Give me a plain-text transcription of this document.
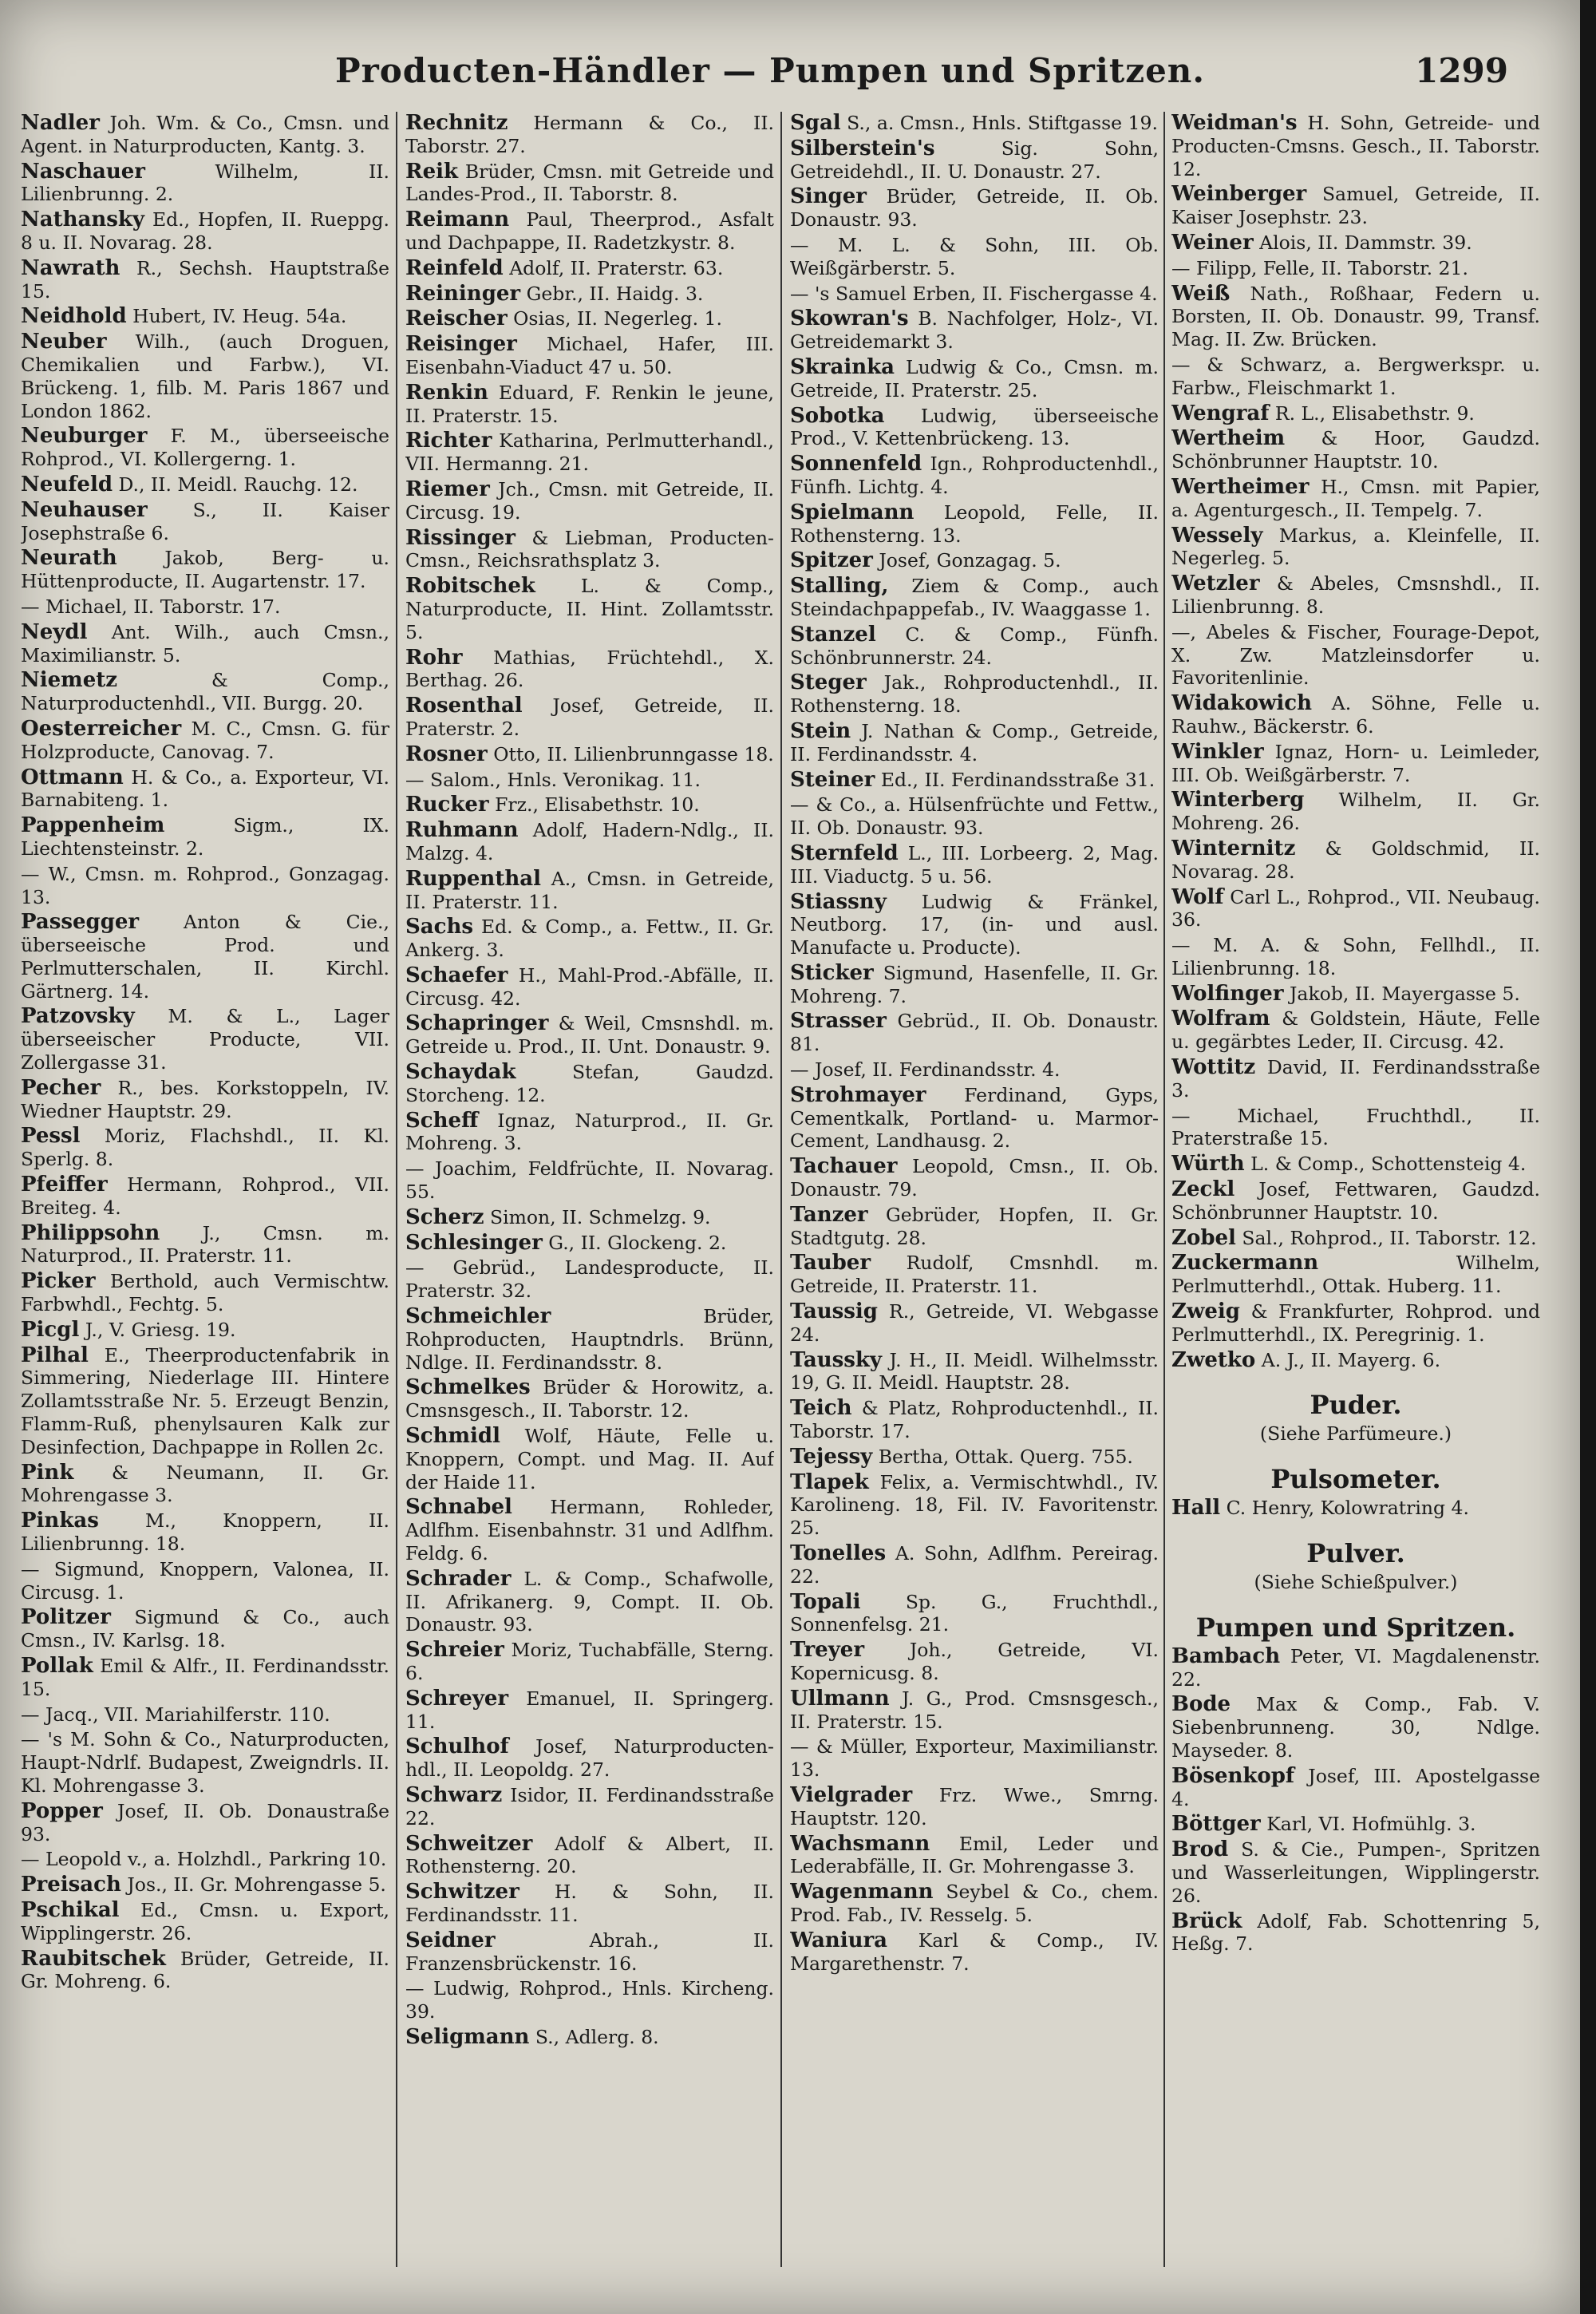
Producten-Händler — Pumpen und Spritzen.	1299
Nadler Joh. Wm. & Co., Cmsn. und Agent. in Naturproducten, Kantg. 3.
Naschauer	Wilhelm, II. Lilienbrunng. 2.
Nathansky Ed., Hopfen, II. Rueppg. 8 u. II. Novarag. 28.
Nawrath R., Sechsh. Hauptstraße 15.
Neidhold Hubert, IV. Heug. 54a.
Neuber Wilh., (auch Droguen, Chemikalien und Farbw.), VI. Brückeng. 1, filb. M. Paris 1867 und London 1862.
Neuburger F. M., überseeische Rohprod., VI. Kollergerng. 1.
Neufeld D., II. Meidl. Rauchg. 12.
Neuhauser S., II. Kaiser Josephstraße 6.
Neurath	Jakob, Berg- u. Hüttenproducte, II. Augartenstr. 17.
— Michael, II. Taborstr. 17.
Neydl Ant. Wilh., auch Cmsn., Maximilianstr. 5.
Niemetz	& Comp., Naturproductenhdl., VII. Burgg. 20.
Oesterreicher M. C., Cmsn. G. für Holzproducte, Canovag. 7.
Ottmann H. & Co., a. Exporteur, VI. Barnabiteng. 1.
Pappenheim	Sigm., IX. Liechtensteinstr. 2.
— W., Cmsn. m. Rohprod., Gonzagag. 13.
Passegger Anton & Cie., überseeische Prod. und Perlmutterschalen, II. Kirchl. Gärtnerg. 14.
Patzovsky M. & L., Lager überseeischer Producte, VII. Zollergasse 31.
Pecher R., bes. Korkstoppeln, IV. Wiedner Hauptstr. 29.
Pessl Moriz, Flachshdl., II. Kl. Sperlg. 8.
Pfeiffer Hermann, Rohprod., VII. Breiteg. 4.
Philippsohn J., Cmsn. m. Naturprod., II. Praterstr. 11.
Picker Berthold, auch Vermischtw. Farbwhdl., Fechtg. 5.
Picgl J., V. Griesg. 19.
Pilhal E., Theerproductenfabrik in Simmering, Niederlage III. Hintere Zollamtsstraße Nr. 5. Erzeugt Benzin, Flamm-Ruß, phenylsauren Kalk zur Desinfection, Dachpappe in Rollen 2c.
Pink & Neumann, II. Gr. Mohrengasse 3.
Pinkas M., Knoppern, II. Lilienbrunng. 18.
— Sigmund, Knoppern, Valonea, II. Circusg. 1.
Politzer Sigmund & Co., auch Cmsn., IV. Karlsg. 18.
Pollak Emil & Alfr., II. Ferdinandsstr. 15.
— Jacq., VII. Mariahilferstr. 110.
— 's M. Sohn & Co., Naturproducten, Haupt-Ndrlf. Budapest, Zweigndrls. II. Kl. Mohrengasse 3.
Popper Josef, II. Ob. Donaustraße 93.
— Leopold v., a. Holzhdl., Parkring 10.
Preisach Jos., II. Gr. Mohrengasse 5.
Pschikal Ed., Cmsn. u. Export, Wipplingerstr. 26.
Raubitschek Brüder, Getreide, II. Gr. Mohreng. 6.
Rechnitz Hermann & Co., II. Taborstr. 27.
Reik Brüder, Cmsn. mit Getreide und Landes-Prod., II. Taborstr. 8.
Reimann Paul, Theerprod., Asfalt und Dachpappe, II. Radetzkystr. 8.
Reinfeld Adolf, II. Praterstr. 63.
Reininger Gebr., II. Haidg. 3.
Reischer Osias, II. Negerleg. 1.
Reisinger Michael, Hafer, III. Eisenbahn-Viaduct 47 u. 50.
Renkin Eduard, F. Renkin le jeune, II. Praterstr. 15.
Richter Katharina, Perlmutterhandl., VII. Hermanng. 21.
Riemer Jch., Cmsn. mit Getreide, II. Circusg. 19.
Rissinger & Liebman, Producten-Cmsn., Reichsrathsplatz 3.
Robitschek L. & Comp., Naturproducte, II. Hint. Zollamtsstr. 5.
Rohr Mathias, Früchtehdl., X. Berthag. 26.
Rosenthal Josef, Getreide, II. Praterstr. 2.
Rosner Otto, II. Lilienbrunngasse 18.
— Salom., Hnls. Veronikag. 11.
Rucker Frz., Elisabethstr. 10.
Ruhmann Adolf, Hadern-Ndlg., II. Malzg. 4.
Ruppenthal A., Cmsn. in Getreide, II. Praterstr. 11.
Sachs Ed. & Comp., a. Fettw., II. Gr. Ankerg. 3.
Schaefer H., Mahl-Prod.-Abfälle, II. Circusg. 42.
Schapringer & Weil, Cmsnshdl. m. Getreide u. Prod., II. Unt. Donaustr. 9.
Schaydak	Stefan, Gaudzd. Storcheng. 12.
Scheff Ignaz, Naturprod., II. Gr. Mohreng. 3.
— Joachim, Feldfrüchte, II. Novarag. 55.
Scherz Simon, II. Schmelzg. 9.
Schlesinger G., II. Glockeng. 2.
— Gebrüd., Landesproducte, II. Praterstr. 32.
Schmeichler	Brüder, Rohproducten, Hauptndrls. Brünn, Ndlge. II. Ferdinandsstr. 8.
Schmelkes Brüder & Horowitz, a. Cmsnsgesch., II. Taborstr. 12.
Schmidl Wolf, Häute, Felle u. Knoppern, Compt. und Mag. II. Auf der Haide 11.
Schnabel Hermann, Rohleder, Adlfhm. Eisenbahnstr. 31 und Adlfhm. Feldg. 6.
Schrader L. & Comp., Schafwolle, II. Afrikanerg. 9, Compt. II. Ob. Donaustr. 93.
Schreier Moriz, Tuchabfälle, Sterng. 6.
Schreyer Emanuel, II. Springerg. 11.
Schulhof Josef, Naturproducten-hdl., II. Leopoldg. 27.
Schwarz Isidor, II. Ferdinandsstraße 22.
Schweitzer Adolf & Albert, II. Rothensterng. 20.
Schwitzer H. & Sohn, II. Ferdinandsstr. 11.
Seidner	Abrah., II. Franzensbrückenstr. 16.
— Ludwig, Rohprod., Hnls. Kircheng. 39.
Seligmann S., Adlerg. 8.
Sgal S., a. Cmsn., Hnls. Stiftgasse 19.
Silberstein's	Sig. Sohn, Getreidehdl., II. U. Donaustr. 27.
Singer Brüder, Getreide, II. Ob. Donaustr. 93.
— M. L. & Sohn, III. Ob. Weißgärberstr. 5.
— 's Samuel Erben, II. Fischergasse 4.
Skowran's B. Nachfolger, Holz-, VI. Getreidemarkt 3.
Skrainka Ludwig & Co., Cmsn. m. Getreide, II. Praterstr. 25.
Sobotka Ludwig, überseeische Prod., V. Kettenbrückeng. 13.
Sonnenfeld Ign., Rohproductenhdl., Fünfh. Lichtg. 4.
Spielmann Leopold, Felle, II. Rothensterng. 13.
Spitzer Josef, Gonzagag. 5.
Stalling, Ziem & Comp., auch Steindachpappefab., IV. Waaggasse 1.
Stanzel C. & Comp., Fünfh. Schönbrunnerstr. 24.
Steger Jak., Rohproductenhdl., II. Rothensterng. 18.
Stein J. Nathan & Comp., Getreide, II. Ferdinandsstr. 4.
Steiner Ed., II. Ferdinandsstraße 31.
— & Co., a. Hülsenfrüchte und Fettw., II. Ob. Donaustr. 93.
Sternfeld L., III. Lorbeerg. 2, Mag. III. Viaductg. 5 u. 56.
Stiassny Ludwig & Fränkel, Neutborg. 17, (in- und ausl. Manufacte u. Producte).
Sticker Sigmund, Hasenfelle, II. Gr. Mohreng. 7.
Strasser Gebrüd., II. Ob. Donaustr. 81.
— Josef, II. Ferdinandsstr. 4.
Strohmayer Ferdinand, Gyps, Cementkalk, Portland- u. Marmor-Cement, Landhausg. 2.
Tachauer Leopold, Cmsn., II. Ob. Donaustr. 79.
Tanzer Gebrüder, Hopfen, II. Gr. Stadtgutg. 28.
Tauber Rudolf, Cmsnhdl. m. Getreide, II. Praterstr. 11.
Taussig R., Getreide, VI. Webgasse 24.
Taussky J. H., II. Meidl. Wilhelmsstr. 19, G. II. Meidl. Hauptstr. 28.
Teich & Platz, Rohproductenhdl., II. Taborstr. 17.
Tejessy Bertha, Ottak. Querg. 755.
Tlapek Felix, a. Vermischtwhdl., IV. Karolineng. 18, Fil. IV. Favoritenstr. 25.
Tonelles A. Sohn, Adlfhm. Pereirag. 22.
Topali Sp. G., Fruchthdl., Sonnenfelsg. 21.
Treyer Joh., Getreide, VI. Kopernicusg. 8.
Ullmann J. G., Prod. Cmsnsgesch., II. Praterstr. 15.
— & Müller, Exporteur, Maximilianstr. 13.
Vielgrader Frz. Wwe., Smrng. Hauptstr. 120.
Wachsmann Emil, Leder und Lederabfälle, II. Gr. Mohrengasse 3.
Wagenmann Seybel & Co., chem. Prod. Fab., IV. Resselg. 5.
Waniura Karl & Comp., IV. Margarethenstr. 7.
Weidman's H. Sohn, Getreide- und Producten-Cmsns. Gesch., II. Taborstr. 12.
Weinberger Samuel, Getreide, II. Kaiser Josephstr. 23.
Weiner Alois, II. Dammstr. 39.
— Filipp, Felle, II. Taborstr. 21.
Weiß Nath., Roßhaar, Federn u. Borsten, II. Ob. Donaustr. 99, Transf. Mag. II. Zw. Brücken.
— & Schwarz, a. Bergwerkspr. u. Farbw., Fleischmarkt 1.
Wengraf R. L., Elisabethstr. 9.
Wertheim & Hoor, Gaudzd. Schönbrunner Hauptstr. 10.
Wertheimer H., Cmsn. mit Papier, a. Agenturgesch., II. Tempelg. 7.
Wessely Markus, a. Kleinfelle, II. Negerleg. 5.
Wetzler & Abeles, Cmsnshdl., II. Lilienbrunng. 8.
—, Abeles & Fischer, Fourage-Depot, X. Zw. Matzleinsdorfer u. Favoritenlinie.
Widakowich A. Söhne, Felle u. Rauhw., Bäckerstr. 6.
Winkler Ignaz, Horn- u. Leimleder, III. Ob. Weißgärberstr. 7.
Winterberg Wilhelm, II. Gr. Mohreng. 26.
Winternitz & Goldschmid, II. Novarag. 28.
Wolf Carl L., Rohprod., VII. Neubaug. 36.
— M. A. & Sohn, Fellhdl., II. Lilienbrunng. 18.
Wolfinger Jakob, II. Mayergasse 5.
Wolfram & Goldstein, Häute, Felle u. gegärbtes Leder, II. Circusg. 42.
Wottitz David, II. Ferdinandsstraße 3.
— Michael, Fruchthdl., II. Praterstraße 15.
Würth L. & Comp., Schottensteig 4.
Zeckl Josef, Fettwaren, Gaudzd. Schönbrunner Hauptstr. 10.
Zobel Sal., Rohprod., II. Taborstr. 12.
Zuckermann	Wilhelm, Perlmutterhdl., Ottak. Huberg. 11.
Zweig & Frankfurter, Rohprod. und Perlmutterhdl., IX. Peregrinig. 1.
Zwetko A. J., II. Mayerg. 6.
Puder.
(Siehe Parfümeure.)
Pulsometer.
Hall C. Henry, Kolowratring 4.
Pulver.
(Siehe Schießpulver.)
Pumpen und Spritzen.
Bambach Peter, VI. Magdalenenstr. 22.
Bode Max & Comp., Fab. V. Siebenbrunneng. 30, Ndlge. Mayseder. 8.
Bösenkopf Josef, III. Apostelgasse 4.
Böttger Karl, VI. Hofmühlg. 3.
Brod S. & Cie., Pumpen-, Spritzen und Wasserleitungen, Wipplingerstr. 26.
Brück Adolf, Fab. Schottenring 5, Heßg. 7.
